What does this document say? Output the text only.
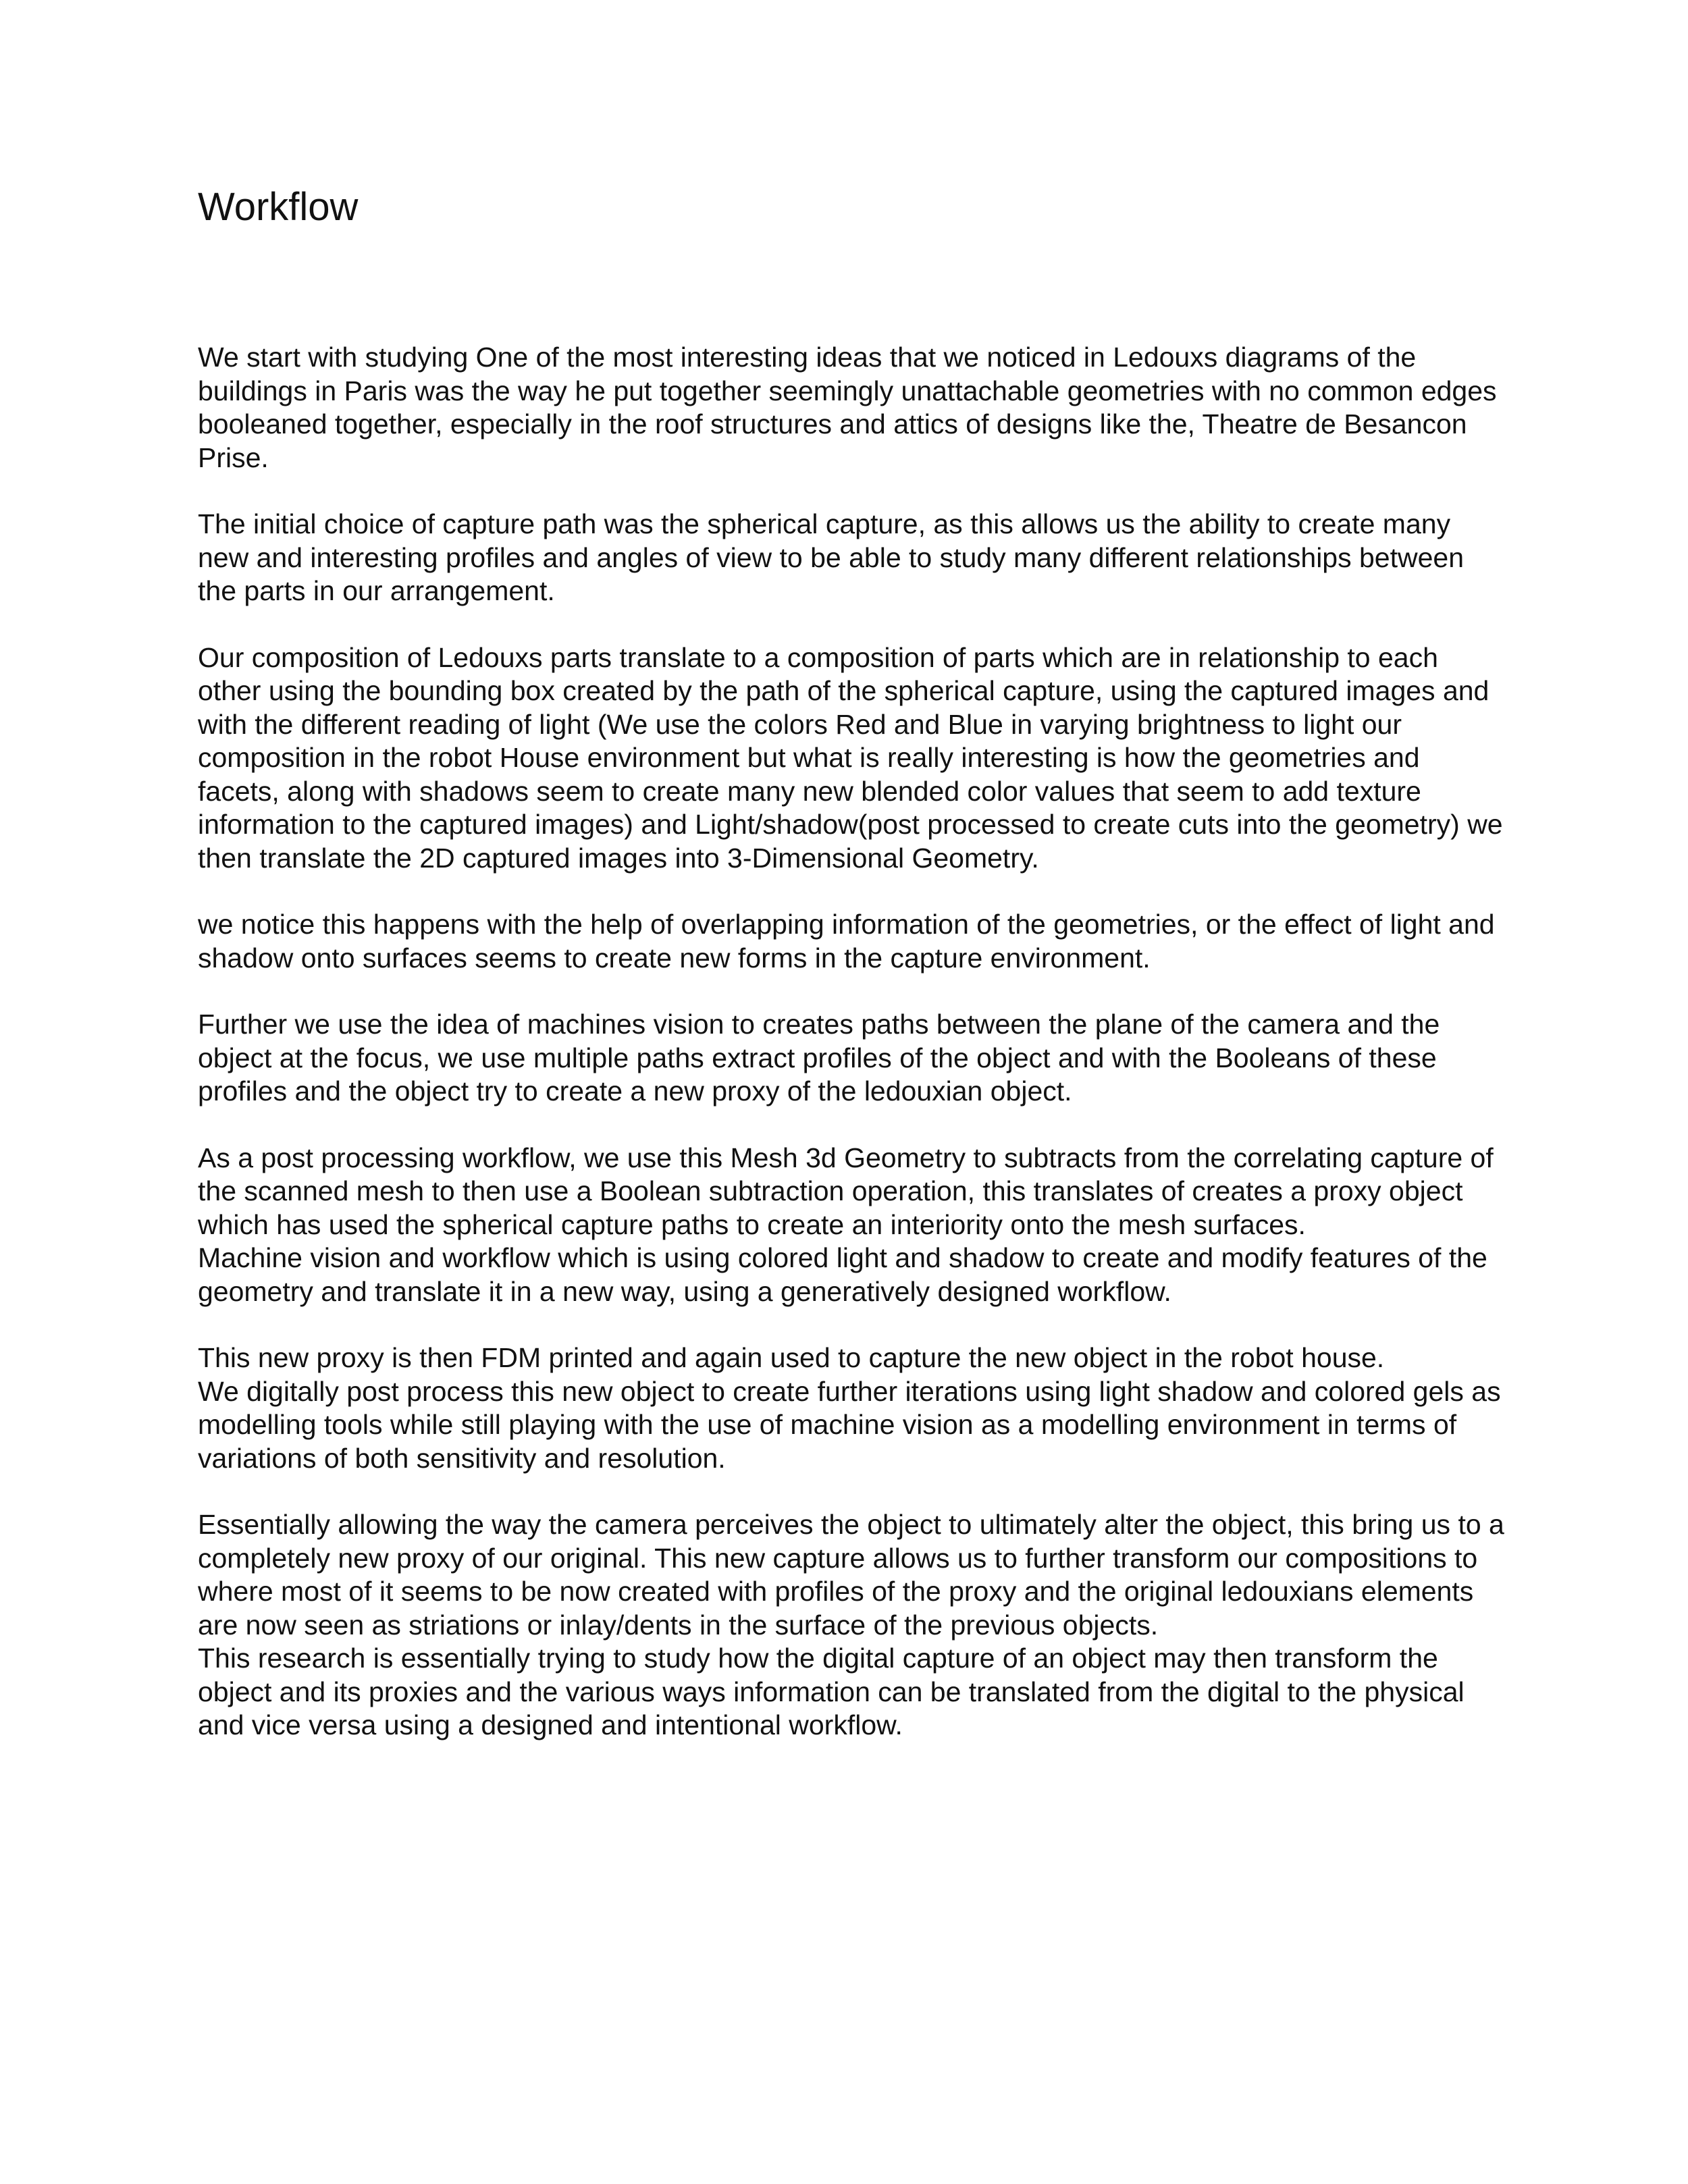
Workflow

We start with studying One of the most interesting ideas that we noticed in Ledouxs diagrams of the buildings in Paris was the way he put together seemingly unattachable geometries with no common edges booleaned together, especially in the roof structures and attics of designs like the, Theatre de Besancon Prise.

The initial choice of capture path was the spherical capture, as this allows us the ability to create many new and interesting profiles and angles of view to be able to study many different relationships between the parts in our arrangement.

Our composition of Ledouxs parts translate to a composition of parts which are in relationship to each other using the bounding box created by the path of the spherical capture, using the captured images and with the different reading of light (We use the colors Red and Blue in varying brightness to light our composition in the robot House environment but what is really interesting is how the geometries and facets, along with shadows seem to create many new blended color values that seem to add texture information to the captured images) and Light/shadow(post processed to create cuts into the geometry) we then translate the 2D captured images into 3-Dimensional Geometry.

we notice this happens with the help of overlapping information of the geometries, or the effect of light and shadow onto surfaces seems to create new forms in the capture environment.

Further we use the idea of machines vision to creates paths between the plane of the camera and the object at the focus, we use multiple paths extract profiles of the object and with the Booleans of these profiles and the object try to create a new proxy of the ledouxian object.

As a post processing workflow, we use this Mesh 3d Geometry to subtracts from the correlating capture of the scanned mesh to then use a Boolean subtraction operation, this translates of creates a proxy object which has used the spherical capture paths to create an interiority onto the mesh surfaces.

Machine vision and workflow which is using colored light and shadow to create and modify features of the geometry and translate it in a new way, using a generatively designed workflow.

This new proxy is then FDM printed and again used to capture the new object in the robot house.

We digitally post process this new object to create further iterations using light shadow and colored gels as modelling tools while still playing with the use of machine vision as a modelling environment in terms of variations of both sensitivity and resolution.

Essentially allowing the way the camera perceives the object to ultimately alter the object, this bring us to a completely new proxy of our original. This new capture allows us to further transform our compositions to where most of it seems to be now created with profiles of the proxy and the original ledouxians elements are now seen as striations or inlay/dents in the surface of the previous objects.

This research is essentially trying to study how the digital capture of an object may then transform the object and its proxies and the various ways information can be translated from the digital to the physical and vice versa using a designed and intentional workflow.
